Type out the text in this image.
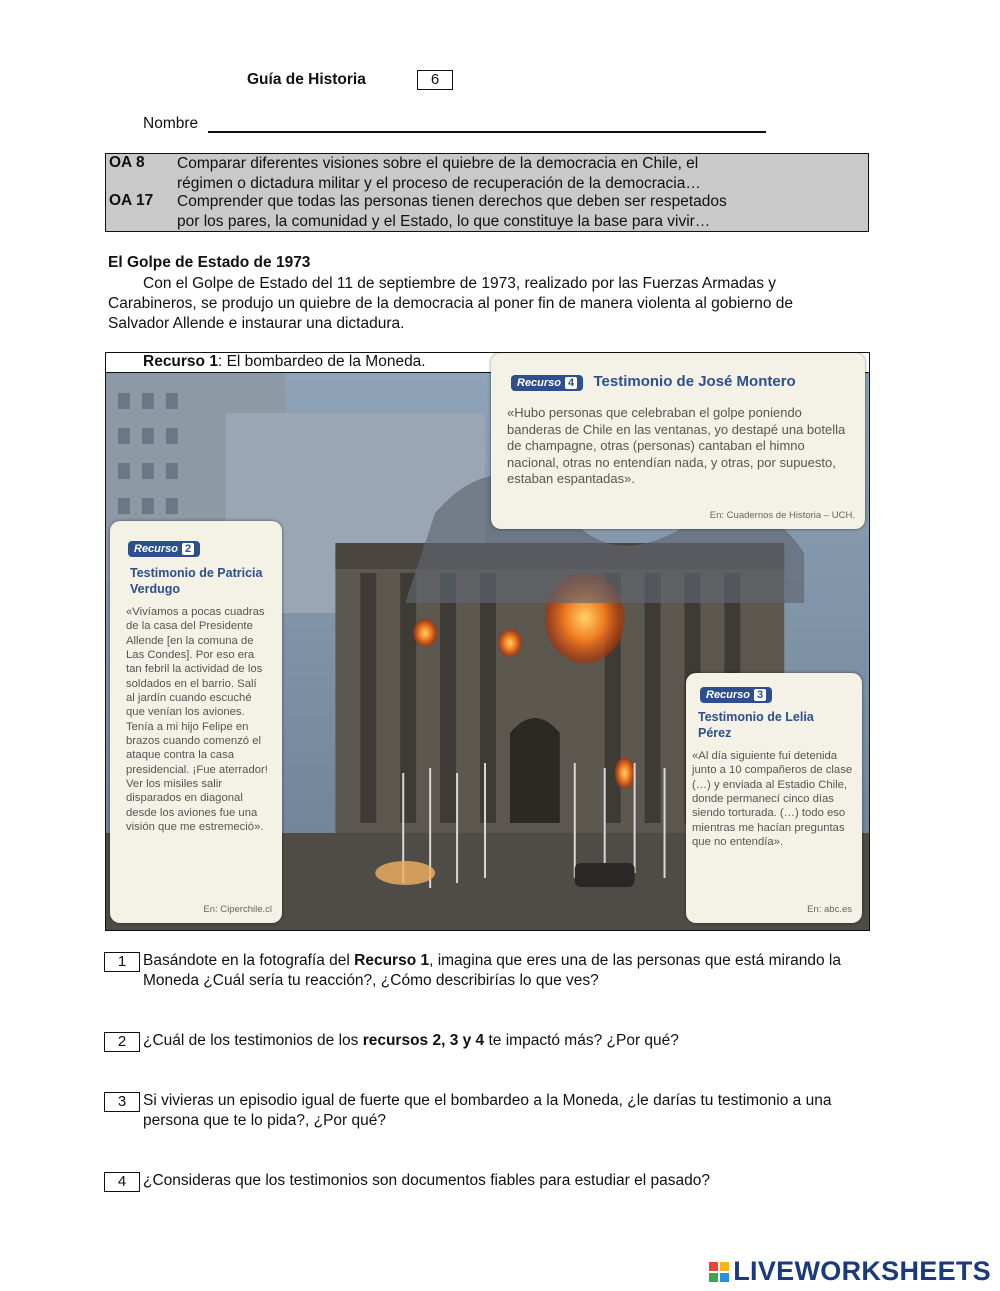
Guía de Historia	6
Nombre
OA 8 Comparar diferentes visiones sobre el quiebre de la democracia en Chile, el
régimen o dictadura militar y el proceso de recuperación de la democracia…
OA 17 Comprender que todas las personas tienen derechos que deben ser respetados
por los pares, la comunidad y el Estado, lo que constituye la base para vivir…
El Golpe de Estado de 1973
Con el Golpe de Estado del 11 de septiembre de 1973, realizado por las Fuerzas Armadas y Carabineros, se produjo un quiebre de la democracia al poner fin de manera violenta al gobierno de Salvador Allende e instaurar una dictadura.
Recurso 1: El bombardeo de la Moneda.
Recurso 4 Testimonio de José Montero
«Hubo personas que celebraban el golpe poniendo banderas de Chile en las ventanas, yo destapé una botella de champagne, otras (personas) cantaban el himno nacional, otras no entendían nada, y otras, por supuesto, estaban espantadas».
En: Cuadernos de Historia – UCH.
Recurso 2
Testimonio de Patricia Verdugo
«Vivíamos a pocas cuadras de la casa del Presidente Allende [en la comuna de Las Condes]. Por eso era tan febril la actividad de los soldados en el barrio. Salí al jardín cuando escuché que venían los aviones. Tenía a mi hijo Felipe en brazos cuando comenzó el ataque contra la casa presidencial. ¡Fue aterrador! Ver los misiles salir disparados en diagonal desde los aviones fue una visión que me estremeció».
En: Ciperchile.cl
Recurso 3
Testimonio de Lelia Pérez
«Al día siguiente fui detenida junto a 10 compañeros de clase (…) y enviada al Estadio Chile, donde permanecí cinco días siendo torturada. (…) todo eso mientras me hacían preguntas que no entendía».
En: abc.es
1	Basándote en la fotografía del Recurso 1, imagina que eres una de las personas que está mirando la Moneda ¿Cuál sería tu reacción?, ¿Cómo describirías lo que ves?
2	¿Cuál de los testimonios de los recursos 2, 3 y 4 te impactó más? ¿Por qué?
3	Si vivieras un episodio igual de fuerte que el bombardeo a la Moneda, ¿le darías tu testimonio a una persona que te lo pida?, ¿Por qué?
4	¿Consideras que los testimonios son documentos fiables para estudiar el pasado?
LIVEWORKSHEETS
